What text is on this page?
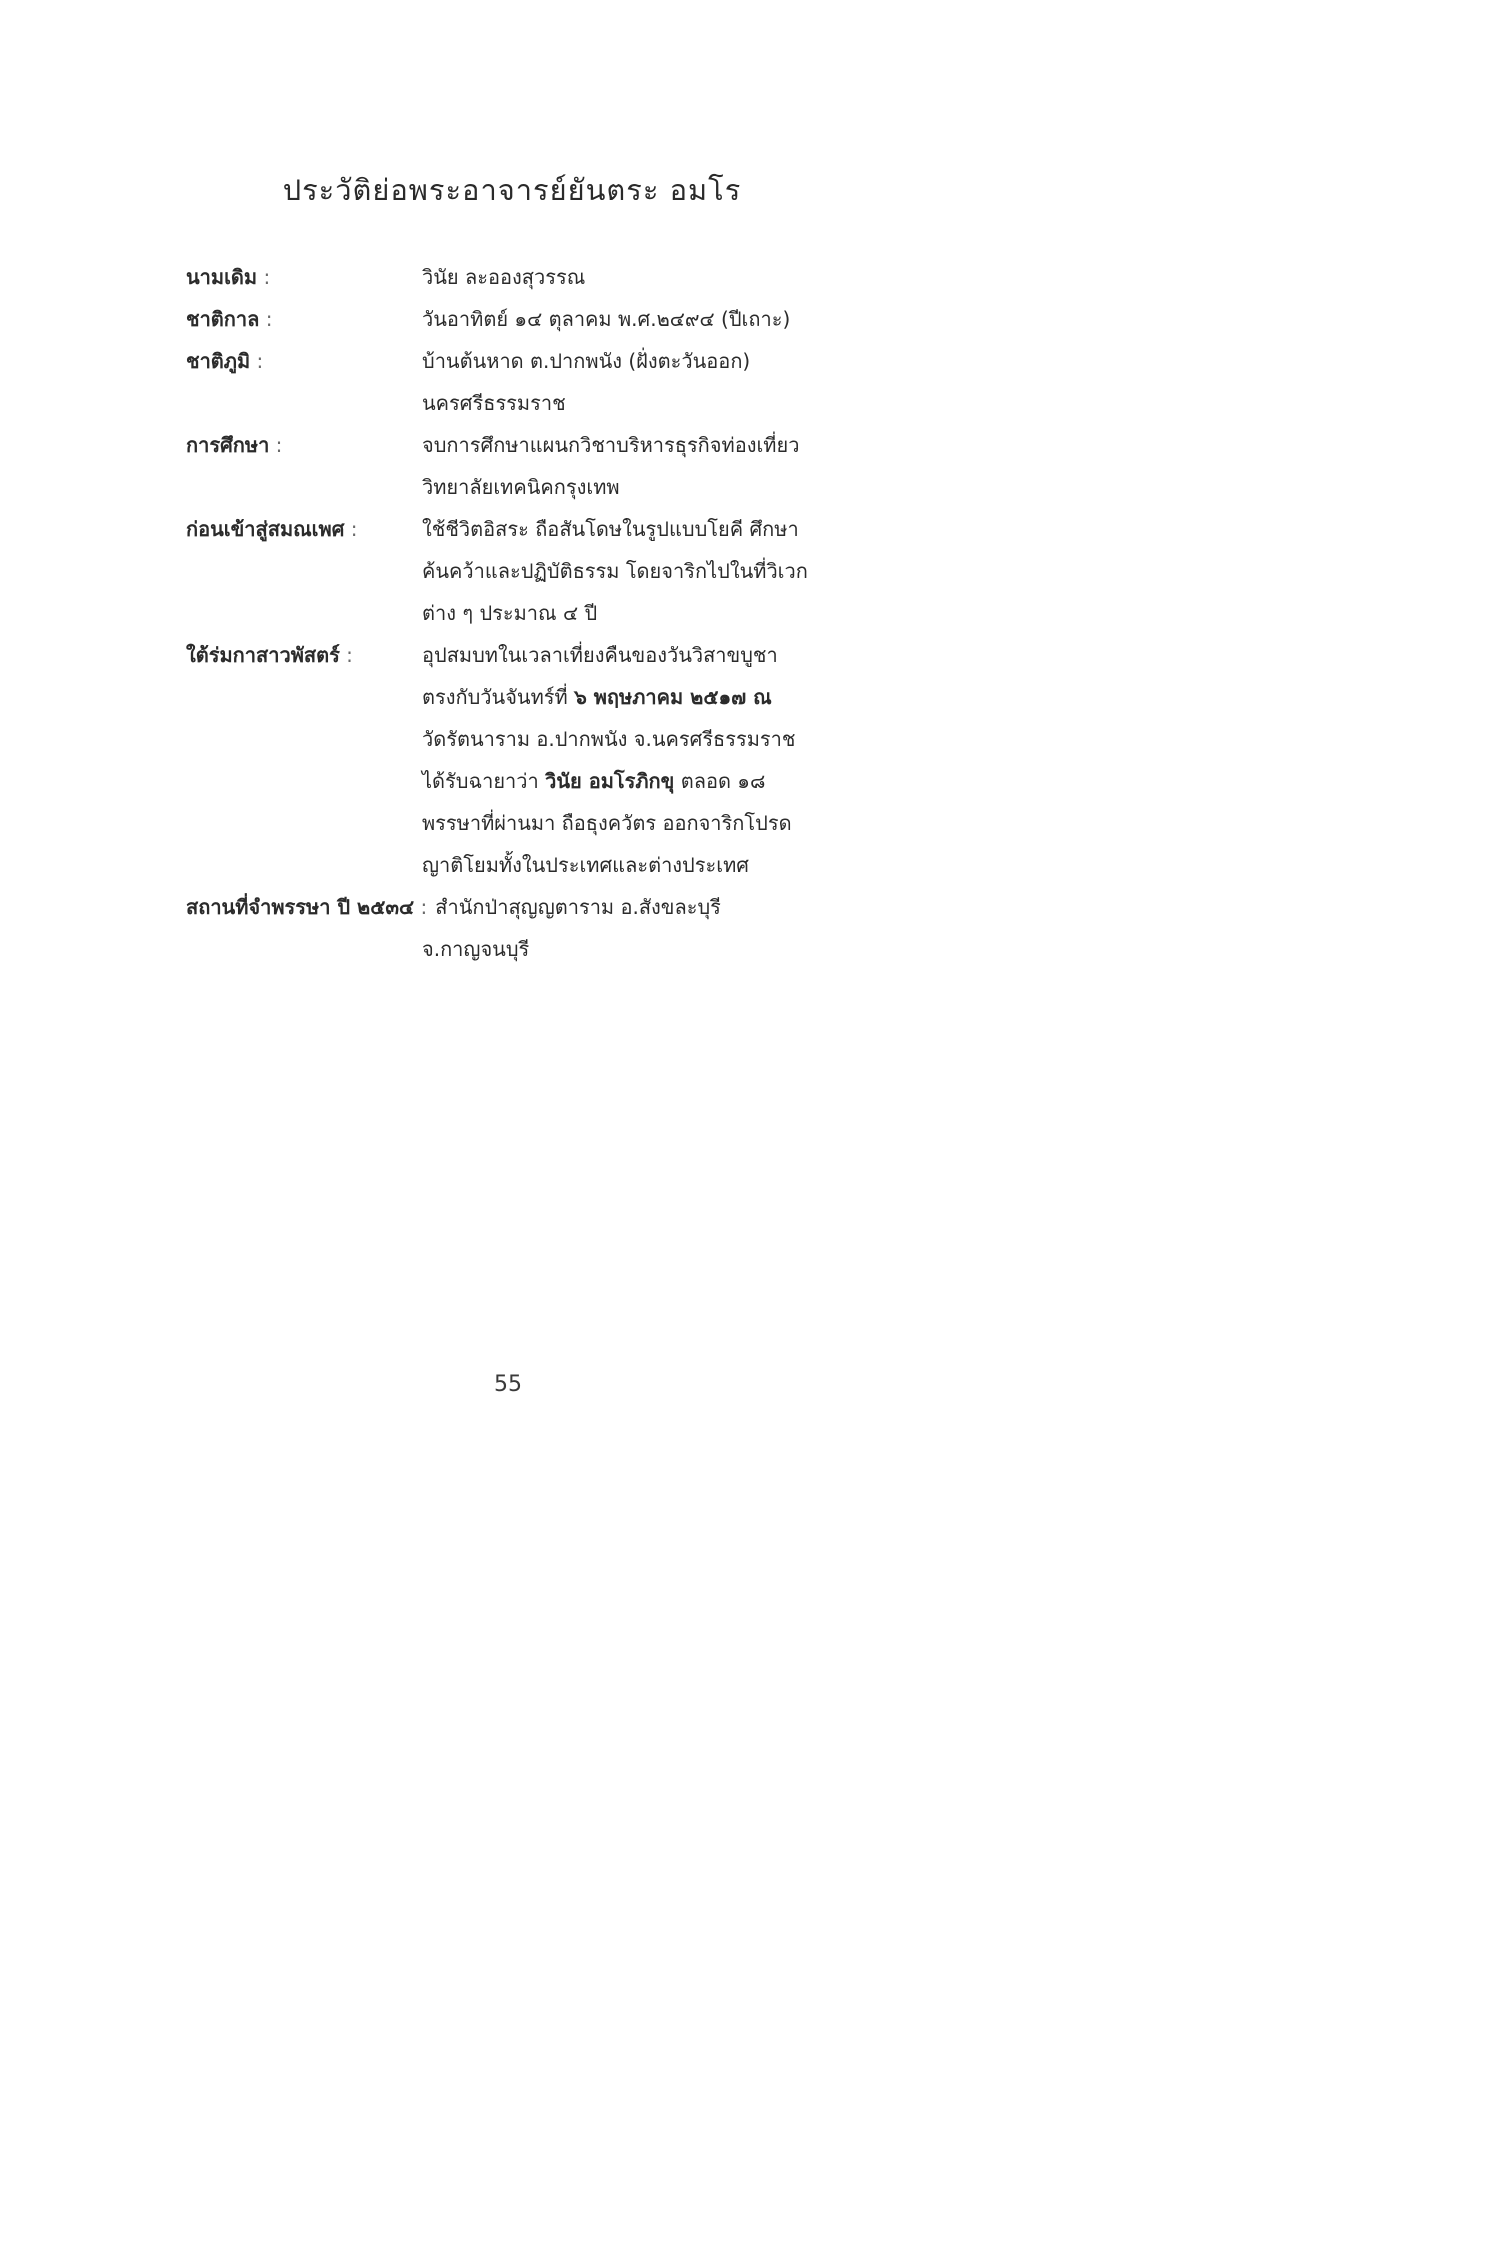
ประวัติย่อพระอาจารย์ยันตระ อมโร
นามเดิม :	วินัย ละอองสุวรรณ
ชาติกาล :	วันอาทิตย์ ๑๔ ตุลาคม พ.ศ.๒๔๙๔ (ปีเถาะ)
ชาติภูมิ :	บ้านต้นหาด ต.ปากพนัง (ฝั่งตะวันออก)
นครศรีธรรมราช
การศึกษา :	จบการศึกษาแผนกวิชาบริหารธุรกิจท่องเที่ยว
วิทยาลัยเทคนิคกรุงเทพ
ก่อนเข้าสู่สมณเพศ :	ใช้ชีวิตอิสระ ถือสันโดษในรูปแบบโยคี ศึกษา
ค้นคว้าและปฏิบัติธรรม โดยจาริกไปในที่วิเวก
ต่าง ๆ ประมาณ ๔ ปี
ใต้ร่มกาสาวพัสตร์ :	อุปสมบทในเวลาเที่ยงคืนของวันวิสาขบูชา
ตรงกับวันจันทร์ที่ ๖ พฤษภาคม ๒๕๑๗ ณ
วัดรัตนาราม อ.ปากพนัง จ.นครศรีธรรมราช
ได้รับฉายาว่า วินัย อมโรภิกขุ ตลอด ๑๘
พรรษาที่ผ่านมา ถือธุงควัตร ออกจาริกโปรด
ญาติโยมทั้งในประเทศและต่างประเทศ
สถานที่จำพรรษา ปี ๒๕๓๔ : สำนักป่าสุญญตาราม อ.สังขละบุรี
จ.กาญจนบุรี
55
